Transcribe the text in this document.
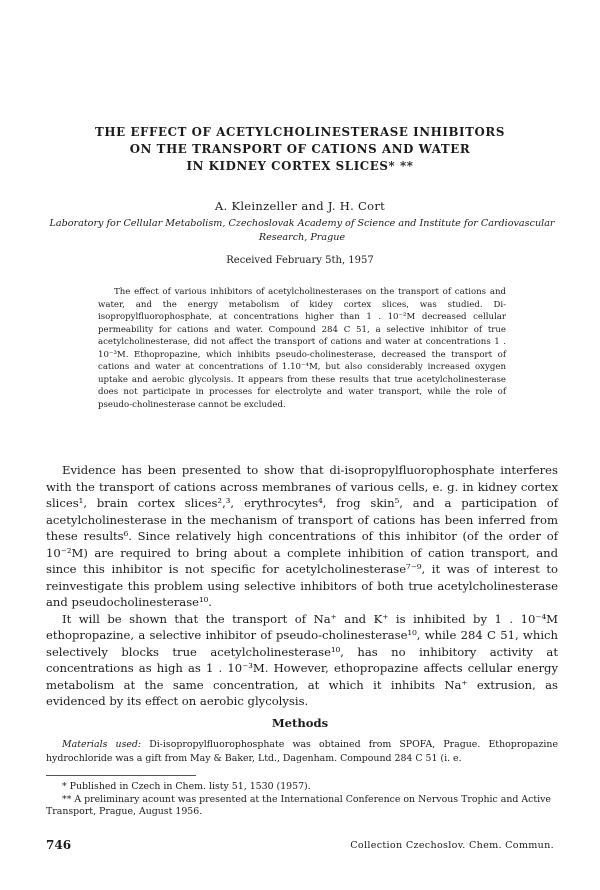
THE EFFECT OF ACETYLCHOLINESTERASE INHIBITORS
ON THE TRANSPORT OF CATIONS AND WATER
IN KIDNEY CORTEX SLICES* **
A. Kleinzeller and J. H. Cort
Laboratory for Cellular Metabolism, Czechoslovak Academy of Science and Institute for Cardiovascular Research, Prague
Received February 5th, 1957

The effect of various inhibitors of acetylcholinesterases on the transport of cations and water, and the energy metabolism of kidey cortex slices, was studied. Di-isopropylfluorophosphate, at concentrations higher than 1 . 10⁻²M decreased cellular permeability for cations and water. Compound 284 C 51, a selective inhibitor of true acetylcholinesterase, did not affect the transport of cations and water at concentrations 1 . 10⁻³M. Ethopropazine, which inhibits pseudo-cholinesterase, decreased the transport of cations and water at concentrations of 1.10⁻⁴M, but also considerably increased oxygen uptake and aerobic glycolysis. It appears from these results that true acetylcholinesterase does not participate in processes for electrolyte and water transport, while the role of pseudo-cholinesterase cannot be excluded.

Evidence has been presented to show that di-isopropylfluorophosphate interferes with the transport of cations across membranes of various cells, e. g. in kidney cortex slices¹, brain cortex slices²,³, erythrocytes⁴, frog skin⁵, and a participation of acetylcholinesterase in the mechanism of transport of cations has been inferred from these results⁶. Since relatively high concentrations of this inhibitor (of the order of 10⁻²M) are required to bring about a complete inhibition of cation transport, and since this inhibitor is not specific for acetylcholinesterase⁷⁻⁹, it was of interest to reinvestigate this problem using selective inhibitors of both true acetylcholinesterase and pseudocholinesterase¹⁰.

It will be shown that the transport of Na⁺ and K⁺ is inhibited by 1 . 10⁻⁴M ethopropazine, a selective inhibitor of pseudo-cholinesterase¹⁰, while 284 C 51, which selectively blocks true acetylcholinesterase¹⁰, has no inhibitory activity at concentrations as high as 1 . 10⁻³M. However, ethopropazine affects cellular energy metabolism at the same concentration, at which it inhibits Na⁺ extrusion, as evidenced by its effect on aerobic glycolysis.

Methods

Materials used: Di-isopropylfluorophosphate was obtained from SPOFA, Prague. Ethopropazine hydrochloride was a gift from May & Baker, Ltd., Dagenham. Compound 284 C 51 (i. e.

* Published in Czech in Chem. listy 51, 1530 (1957).

** A preliminary acount was presented at the International Conference on Nervous Trophic and Active Transport, Prague, August 1956.

746	Collection Czechoslov. Chem. Commun.
